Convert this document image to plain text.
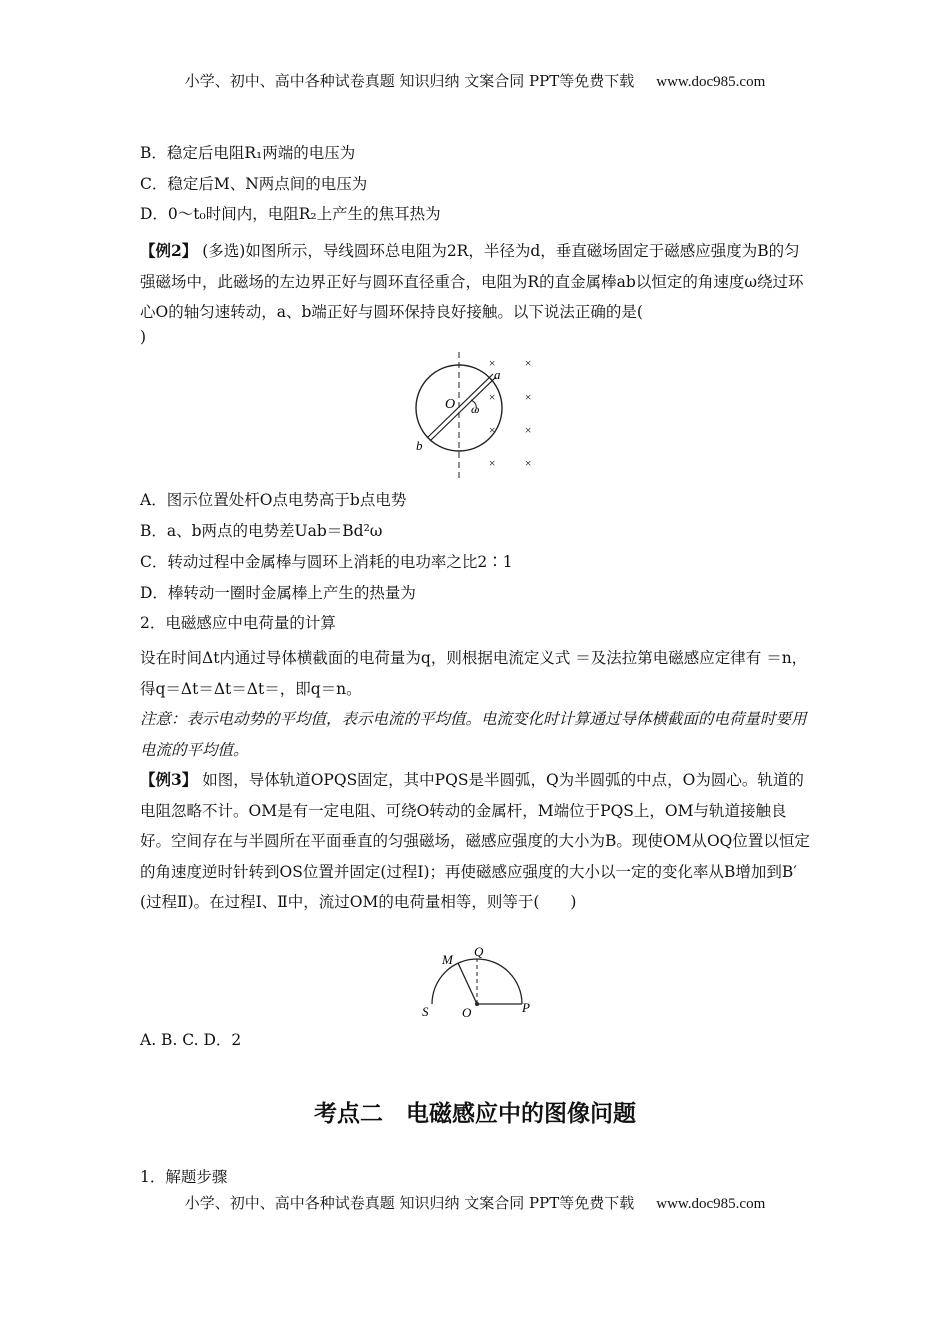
小学、初中、高中各种试卷真题 知识归纳 文案合同 PPT等免费下载 www.doc985.com
B．稳定后电阻R₁两端的电压为
C．稳定后M、N两点间的电压为
D．0～t₀时间内，电阻R₂上产生的焦耳热为
【例2】 (多选)如图所示，导线圆环总电阻为2R，半径为d，垂直磁场固定于磁感应强度为B的匀强磁场中，此磁场的左边界正好与圆环直径重合，电阻为R的直金属棒ab以恒定的角速度ω绕过环心O的轴匀速转动，a、b端正好与圆环保持良好接触。以下说法正确的是(
)
O ω
a
b
× ×
× ×
× ×
× ×
A．图示位置处杆O点电势高于b点电势
B．a、b两点的电势差Uab＝Bd²ω
C．转动过程中金属棒与圆环上消耗的电功率之比2∶1
D．棒转动一圈时金属棒上产生的热量为
2．电磁感应中电荷量的计算
设在时间Δt内通过导体横截面的电荷量为q，则根据电流定义式 ＝及法拉第电磁感应定律有 ＝n，得q＝Δt＝Δt＝Δt＝，即q＝n。
注意：表示电动势的平均值，表示电流的平均值。电流变化时计算通过导体横截面的电荷量时要用电流的平均值。
【例3】 如图，导体轨道OPQS固定，其中PQS是半圆弧，Q为半圆弧的中点，O为圆心。轨道的电阻忽略不计。OM是有一定电阻、可绕O转动的金属杆，M端位于PQS上，OM与轨道接触良好。空间存在与半圆所在平面垂直的匀强磁场，磁感应强度的大小为B。现使OM从OQ位置以恒定的角速度逆时针转到OS位置并固定(过程Ⅰ)；再使磁感应强度的大小以一定的变化率从B增加到B′(过程Ⅱ)。在过程Ⅰ、Ⅱ中，流过OM的电荷量相等，则等于(　　)
M
Q
S	O	P
A. B. C. D．2
考点二　电磁感应中的图像问题
1．解题步骤
小学、初中、高中各种试卷真题 知识归纳 文案合同 PPT等免费下载 www.doc985.com
